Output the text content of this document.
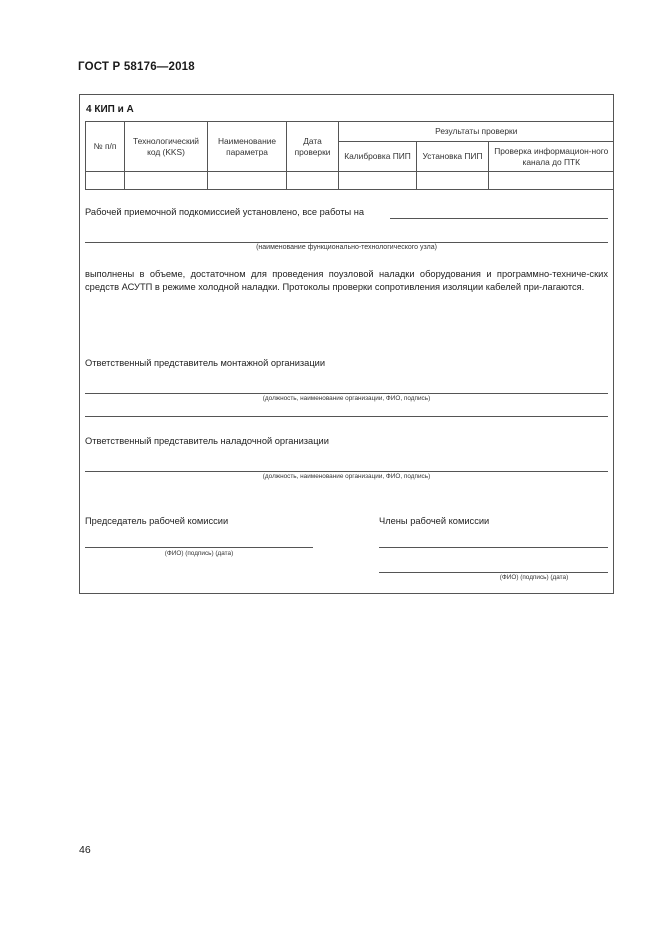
ГОСТ Р 58176—2018
4 КИП и А
№ п/п	Технологический код (KKS)	Наименование параметра	Дата проверки	Результаты проверки		
				Калибровка ПИП	Установка ПИП	Проверка информацион-ного канала до ПТК

Рабочей приемочной подкомиссией установлено, все работы на
(наименование функционально-технологического узла)
выполнены в объеме, достаточном для проведения поузловой наладки оборудования и программно-техниче-ских средств АСУТП в режиме холодной наладки. Протоколы проверки сопротивления изоляции кабелей при-лагаются.
Ответственный представитель монтажной организации
(должность, наименование организации, ФИО, подпись)
Ответственный представитель наладочной организации
(должность, наименование организации, ФИО, подпись)
Председатель рабочей комиссии
(ФИО) (подпись) (дата)
Члены рабочей комиссии
(ФИО) (подпись) (дата)
46
